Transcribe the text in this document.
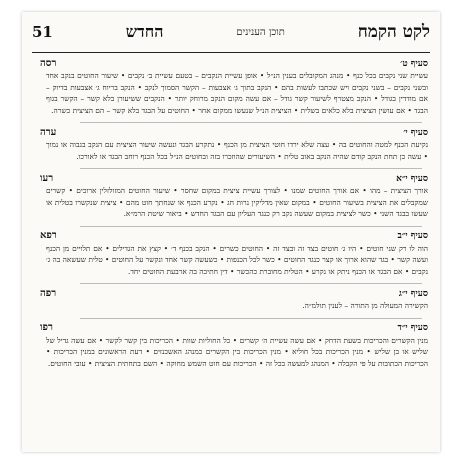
51	החדש	תוכן הענינים	לקט הקמח
רסה	סעיף ט׳

עשיית שני נקבים בכל כנף • מנהג המקובלים בענין הנ״ל • אופן עשיית הנקבים – בטעם עשיית ב׳ נקבים • שיעור החוטים בנקב אחד ובשני נקבים – בשני נקבים ויש שכתבו לעשות בהם • הנקב בתוך ג׳ אצבעות – הקשר הסמוך לנקב • הנקב בריוח ג׳ אצבעות בדיוק – אם מודדין בגודל • הנקב מצטרף לשיעור קשר גודל – אם עשה מקום הנקב מרוחק יותר • הנקבים ששיעורן בלא קשר – הקשר בגוף הבגד • אם עושין הציצית בלא כלאים בשלית • הציצית הנ״ל שנעשו ממקום אחר • החוטים על הבגד בלא קשר – הם הציצית כשרה.

ערה	סעיף י׳

נקיעת הכנף למטה והחוטים בה • עצה שלא ירדו חוטי הציצית מן הכנף • נתקרע הבגד ונעשה שיעור הציצית עם הנקב בגבוה או נמוך • עשה כן תחת הנקב קודם שהיה הנקב באוב טלית • השיעורים שהוזכרו בזה ובחוטים הנ״ל בכל הכנף רוחב הבגד או לאורכו.

רעו	סעיף י״א

אורך הציצית – מהו • אם אורך החוטים שמנו • לצורך עשיית ציצית במקום שחסר • שיעור החוטים המזולזלין ארוכים • קשרים שמקבלים את הציצית בשיעור החוטים • במקום שאין מדליקין נרות חג • נקרע הכנף או שנחתך חוט מהם • ציצית שנקשרו בטלית או שעשו בבגד השני • כשר לציצית במקום שעשה נקב רק כנגד העליון עם הבגד החדש • ביאור שיטת הרמ״א.

רפא	סעיף י״ב

הוה לו רק שני חוטים • היו ג׳ חוטים בצד זה ובצד זה • החוטים כשרים • הנקב בכנף ד׳ • קצץ את הגדילים • אם תלויים מן הכנף ועשה קשר • בגד שהוא ארוך או קצר כנגד החוטים • כשר לכל הכנפות • כשעשה קשר אחד ונקשר על החוטים • טלית שעשאה בה ג׳ נקבים • אם הבגד או הכנף ניתק או נקרע • הטלית מחוברת כהכשר • דין חתיכה בה ארבעת החוטים יחד.

רפה	סעיף י״ג

הקשירה המעולה מן התורה – לענין תולמ״ה.

רפו	סעיף י״ד

מנין הקשרים והכריכות בשעת הדחק • אם עשה עשיית ה׳ קשרים • כל החוליות שוות • הכריכות בין קשר לקשר • אם עשה גדיל של שליש או בן שליש • מנין הכריכות בכל חוליא • מנין הכריכות בין הקשרים כמנהג האשכנזים • דעת הראשונים במנין הכריכות • הכריכות הכתובות על פי הקבלה • המנהג למעשה בכל זה • הכריכות עם חוט השמש מחוקה • השם בתחתית הציצית • עובי החוטים.
